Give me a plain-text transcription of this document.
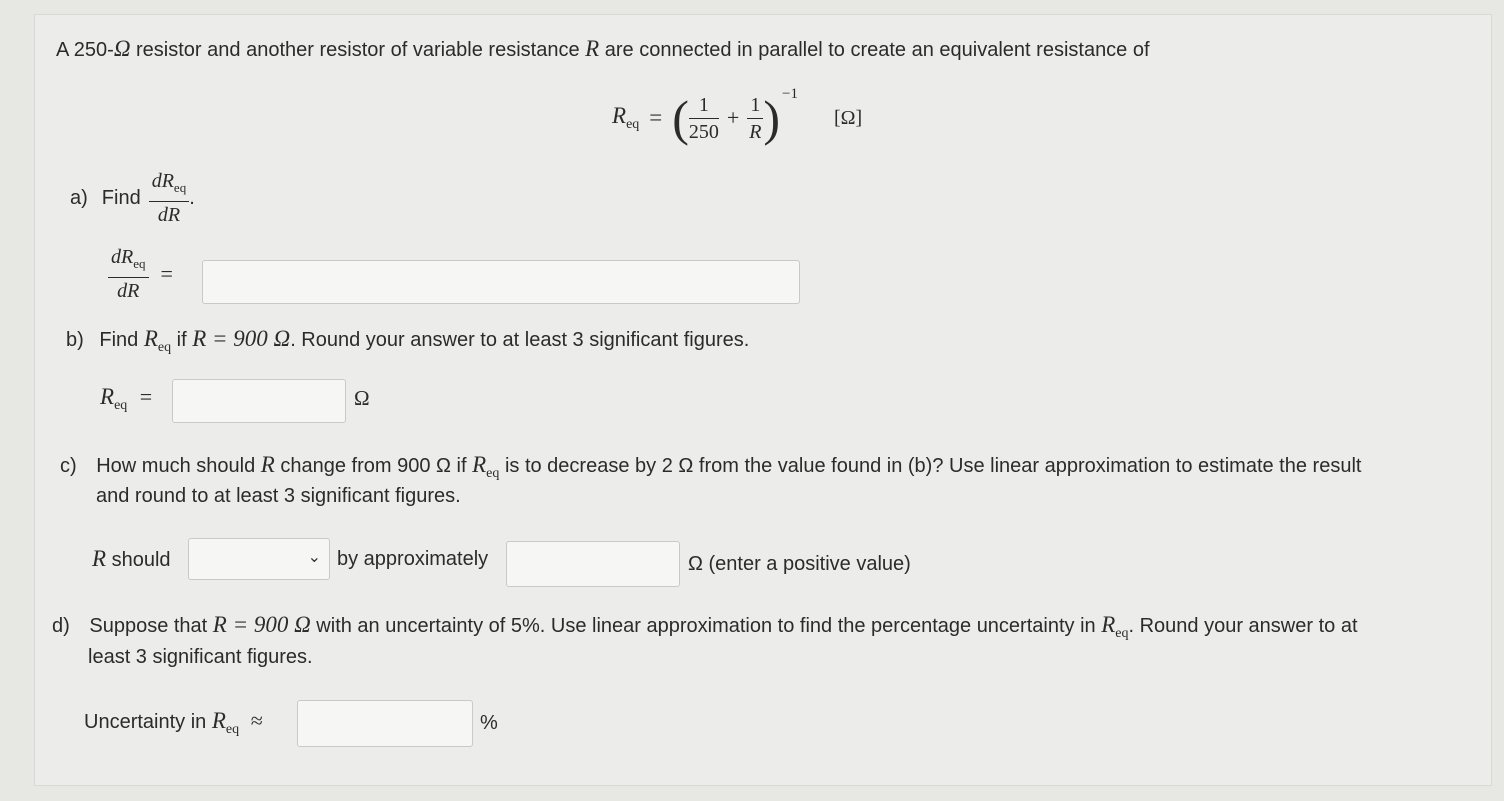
A 250-Ω resistor and another resistor of variable resistance R are connected in parallel to create an equivalent resistance of
$R_{eq}$ = ( $\frac{1}{250} + \frac{1}{R}$ ) −1
[Ω]
a) Find $\frac{dR_{eq}}{dR}$ .
$\frac{dR_{eq}}{dR}$ =
b) Find $R_{eq}$ if R = 900 Ω. Round your answer to at least 3 significant figures.
$R_{eq}$ =	Ω
c) How much should R change from 900 Ω if $R_{eq}$ is to decrease by 2 Ω from the value found in (b)? Use linear approximation to estimate the result
and round to at least 3 significant figures.
R should	⌄ by approximately	Ω (enter a positive value)
d) Suppose that R = 900 Ω with an uncertainty of 5%. Use linear approximation to find the percentage uncertainty in $R_{eq}$. Round your answer to at
least 3 significant figures.
Uncertainty in $R_{eq}$ ≈	%
